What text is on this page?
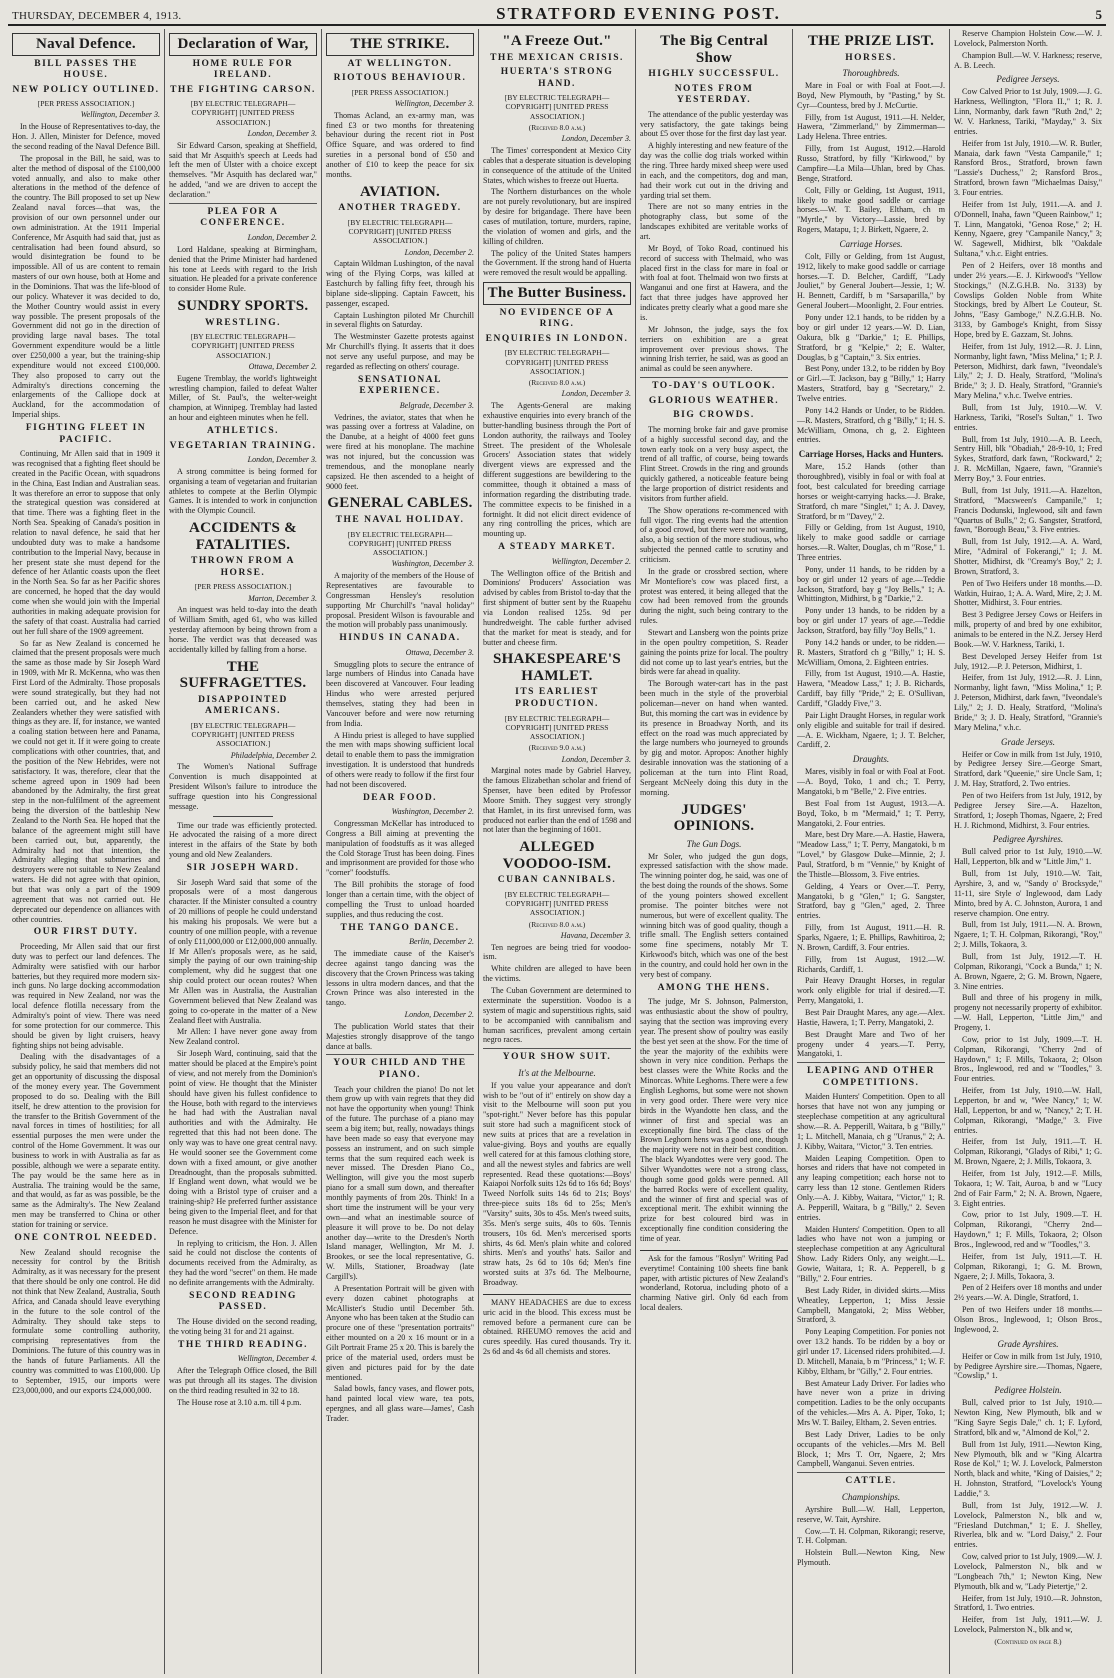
THURSDAY, DECEMBER 4, 1913.	STRATFORD EVENING POST.	5
Naval Defence.
BILL PASSES THE HOUSE.
NEW POLICY OUTLINED.
[PER PRESS ASSOCIATION.]
Wellington, December 3.

In the House of Representatives to-day, the Hon. J. Allen, Minister for Defence, moved the second reading of the Naval Defence Bill.

The proposal in the Bill, he said, was to alter the method of disposal of the £100,000 voted annually, and also to make other alterations in the method of the defence of the country. The Bill proposed to set up New Zealand naval forces—that was, the provision of our own personnel under our own administration. At the 1911 Imperial Conference, Mr Asquith had said that, just as centralisation had been found absurd, so would disintegration be found to be impossible. All of us are content to remain masters of our own house, both at Home and in the Dominions. That was the life-blood of our policy. Whatever it was decided to do, the Mother Country would assist in every way possible. The present proposals of the Government did not go in the direction of providing large naval bases. The total Government expenditure would be a little over £250,000 a year, but the training-ship expenditure would not exceed £100,000. They also proposed to carry out the Admiralty's directions concerning the enlargements of the Calliope dock at Auckland, for the accommodation of Imperial ships.

FIGHTING FLEET IN PACIFIC.

Continuing, Mr Allen said that in 1909 it was recognised that a fighting fleet should be created in the Pacific Ocean, with squadrons in the China, East Indian and Australian seas. It was therefore an error to suppose that only the strategical question was considered at that time. There was a fighting fleet in the North Sea. Speaking of Canada's position in relation to naval defence, he said that her undoubted duty was to make a handsome contribution to the Imperial Navy, because in her present state she must depend for the defence of her Atlantic coasts upon the fleet in the North Sea. So far as her Pacific shores are concerned, he hoped that the day would come when she would join with the Imperial authorities in making adequate provision for the safety of that coast. Australia had carried out her full share of the 1909 agreement.

So far as New Zealand is concerned he claimed that the present proposals were much the same as those made by Sir Joseph Ward in 1909, with Mr R. McKenna, who was then First Lord of the Admiralty. Those proposals were sound strategically, but they had not been carried out, and he asked New Zealanders whether they were satisfied with things as they are. If, for instance, we wanted a coaling station between here and Panama, we could not get it. If it were going to create complications with other countries, that, and the position of the New Hebrides, were not satisfactory. It was, therefore, clear that the scheme agreed upon in 1909 had been abandoned by the Admiralty, the first great step in the non-fulfilment of the agreement being the diversion of the battleship New Zealand to the North Sea. He hoped that the balance of the agreement might still have been carried out, but, apparently, the Admiralty had not that intention, the Admiralty alleging that submarines and destroyers were not suitable to New Zealand waters. He did not agree with that opinion, but that was only a part of the 1909 agreement that was not carried out. He deprecated our dependence on alliances with other countries.

OUR FIRST DUTY.

Proceeding, Mr Allen said that our first duty was to perfect our land defences. The Admiralty were satisfied with our harbor batteries, but they required more modern six-inch guns. No large docking accommodation was required in New Zealand, nor was the local defence flotilla necessary from the Admiralty's point of view. There was need for some protection for our commerce. This should be given by light cruisers, heavy fighting ships not being advisable.

Dealing with the disadvantages of a subsidy policy, he said that members did not get an opportunity of discussing the disposal of the money every year. The Government proposed to do so. Dealing with the Bill itself, he drew attention to the provision for the transfer to the British Government of the naval forces in times of hostilities; for all essential purposes the men were under the control of the Home Government. It was our business to work in with Australia as far as possible, although we were a separate entity. The pay would be the same here as in Australia. The training would be the same, and that would, as far as was possible, be the same as the Admiralty's. The New Zealand men may be transferred to China or other station for training or service.

ONE CONTROL NEEDED.

New Zealand should recognise the necessity for control by the British Admiralty, as it was necessary for the present that there should be only one control. He did not think that New Zealand, Australia, South Africa, and Canada should leave everything in the future to the sole control of the Admiralty. They should take steps to formulate some controlling authority, comprising representatives from the Dominions. The future of this country was in the hands of future Parliaments. All the country was committed to was £100,000. Up to September, 1915, our imports were £23,000,000, and our exports £24,000,000.

Declaration of War,
HOME RULE FOR IRELAND.
THE FIGHTING CARSON.
[BY ELECTRIC TELEGRAPH—COPYRIGHT] [UNITED PRESS ASSOCIATION.]
London, December 3.

Sir Edward Carson, speaking at Sheffield, said that Mr Asquith's speech at Leeds had left the men of Ulster with a choice except themselves. "Mr Asquith has declared war," he added, "and we are driven to accept the declaration."

PLEA FOR A CONFERENCE.
London, December 2.

Lord Haldane, speaking at Birmingham, denied that the Prime Minister had hardened his tone at Leeds with regard to the Irish situation. He pleaded for a private conference to consider Home Rule.

SUNDRY SPORTS.
WRESTLING.
[BY ELECTRIC TELEGRAPH—COPYRIGHT] [UNITED PRESS ASSOCIATION.]
Ottawa, December 2.

Eugene Tremblay, the world's lightweight wrestling champion, failed to defeat Walter Miller, of St. Paul's, the welter-weight champion, at Winnipeg. Tremblay had lasted an hour and eighteen minutes when he fell.

ATHLETICS.
VEGETARIAN TRAINING.
London, December 3.

A strong committee is being formed for organising a team of vegetarian and fruitarian athletes to compete at the Berlin Olympic Games. It is intended to work in conjunction with the Olympic Council.

ACCIDENTS & FATALITIES.
THROWN FROM A HORSE.
[PER PRESS ASSOCIATION.]
Marton, December 3.

An inquest was held to-day into the death of William Smith, aged 61, who was killed yesterday afternoon by being thrown from a horse. The verdict was that deceased was accidentally killed by falling from a horse.

THE SUFFRAGETTES.
DISAPPOINTED AMERICANS.
[BY ELECTRIC TELEGRAPH—COPYRIGHT] [UNITED PRESS ASSOCIATION.]
Philadelphia, December 2.

The Women's National Suffrage Convention is much disappointed at President Wilson's failure to introduce the suffrage question into his Congressional message.

Time our trade was efficiently protected. He advocated the raising of a more direct interest in the affairs of the State by both young and old New Zealanders.

SIR JOSEPH WARD.

Sir Joseph Ward said that some of the proposals were of a most dangerous character. If the Minister consulted a country of 20 millions of people he could understand his making his proposals. We were but a country of one million people, with a revenue of only £11,000,000 or £12,000,000 annually. If Mr Allen's proposals were, as he said, simply the paying of our own training-ship complement, why did he suggest that one ship could protect our ocean routes? When Mr Allen was in Australia, the Australian Government believed that New Zealand was going to co-operate in the matter of a New Zealand fleet with Australia.

Mr Allen: I have never gone away from New Zealand control.

Sir Joseph Ward, continuing, said that the matter should be placed at the Empire's point of view, and not merely from the Dominion's point of view. He thought that the Minister should have given his fullest confidence to the House, both with regard to the interviews he had had with the Australian naval authorities and with the Admiralty. He regretted that this had not been done. The only way was to have one great central navy. He would sooner see the Government come down with a fixed amount, or give another Dreadnought, than the proposals submitted. If England went down, what would we be doing with a Bristol type of cruiser and a training-ship? He preferred further assistance being given to the Imperial fleet, and for that reason he must disagree with the Minister for Defence.

In replying to criticism, the Hon. J. Allen said he could not disclose the contents of documents received from the Admiralty, as they had the word "secret" on them. He made no definite arrangements with the Admiralty.

SECOND READING PASSED.

The House divided on the second reading, the voting being 31 for and 21 against.

THE THIRD READING.
Wellington, December 4.

After the Telegraph Office closed, the Bill was put through all its stages. The division on the third reading resulted in 32 to 18.

The House rose at 3.10 a.m. till 4 p.m.

THE STRIKE.
AT WELLINGTON.
RIOTOUS BEHAVIOUR.
[PER PRESS ASSOCIATION.]
Wellington, December 3.

Thomas Acland, an ex-army man, was fined £3 or two months for threatening behaviour during the recent riot in Post Office Square, and was ordered to find sureties in a personal bond of £50 and another of £10 to keep the peace for six months.

AVIATION.
ANOTHER TRAGEDY.
[BY ELECTRIC TELEGRAPH—COPYRIGHT] [UNITED PRESS ASSOCIATION.]
London, December 2.

Captain Wildman Lushington, of the naval wing of the Flying Corps, was killed at Eastchurch by falling fifty feet, through his biplane side-slipping. Captain Fawcett, his passenger, escaped.

Captain Lushington piloted Mr Churchill in several flights on Saturday.

The Westminster Gazette protests against Mr Churchill's flying. It asserts that it does not serve any useful purpose, and may be regarded as reflecting on others' courage.

SENSATIONAL EXPERIENCE.
Belgrade, December 3.

Vedrines, the aviator, states that when he was passing over a fortress at Valadine, on the Danube, at a height of 4000 feet guns were fired at his monoplane. The machine was not injured, but the concussion was tremendous, and the monoplane nearly capsized. He then ascended to a height of 9000 feet.

GENERAL CABLES.
THE NAVAL HOLIDAY.
[BY ELECTRIC TELEGRAPH—COPYRIGHT] [UNITED PRESS ASSOCIATION.]
Washington, December 3.

A majority of the members of the House of Representatives are favourable to Congressman Hensley's resolution supporting Mr Churchill's "naval holiday" proposal. President Wilson is favourable and the motion will probably pass unanimously.

HINDUS IN CANADA.
Ottawa, December 3.

Smuggling plots to secure the entrance of large numbers of Hindus into Canada have been discovered at Vancouver. Four leading Hindus who were arrested perjured themselves, stating they had been in Vancouver before and were now returning from India.

A Hindu priest is alleged to have supplied the men with maps showing sufficient local detail to enable them to pass the immigration investigation. It is understood that hundreds of others were ready to follow if the first four had not been discovered.

DEAR FOOD.
Washington, December 2.

Congressman McKellar has introduced to Congress a Bill aiming at preventing the manipulation of foodstuffs as it was alleged the Cold Storage Trust has been doing. Fines and imprisonment are provided for those who "corner" foodstuffs.

The Bill prohibits the storage of food longer than a certain time, with the object of compelling the Trust to unload hoarded supplies, and thus reducing the cost.

THE TANGO DANCE.
Berlin, December 2.

The immediate cause of the Kaiser's decree against tango dancing was the discovery that the Crown Princess was taking lessons in ultra modern dances, and that the Crown Prince was also interested in the tango.

London, December 2.

The publication World states that their Majesties strongly disapprove of the tango dance at balls.

YOUR CHILD AND THE PIANO.

Teach your children the piano! Do not let them grow up with vain regrets that they did not have the opportunity when young! Think of the future. The purchase of a piano may seem a big item; but, really, nowadays things have been made so easy that everyone may possess an instrument, and on such simple terms that the sum required each week is never missed. The Dresden Piano Co., Wellington, will give you the most superb piano for a small sum down, and thereafter monthly payments of from 20s. Think! In a short time the instrument will be your very own—and what an inestimable source of pleasure it will prove to be. Do not delay another day—write to the Dresden's North Island manager, Wellington, Mr M. J. Brookes, or see the local representative, G. W. Mills, Stationer, Broadway (late Cargill's).

A Presentation Portrait will be given with every dozen cabinet photographs at McAllister's Studio until December 5th. Anyone who has been taken at the Studio can procure one of these "presentation portraits" either mounted on a 20 x 16 mount or in a Gilt Portrait Frame 25 x 20. This is barely the price of the material used, orders must be given and pictures paid for by the date mentioned.

Salad bowls, fancy vases, and flower pots, hand painted local view ware, tea pots, epergnes, and all glass ware—James', Cash Trader.

"A Freeze Out."
THE MEXICAN CRISIS.
HUERTA'S STRONG HAND.
[BY ELECTRIC TELEGRAPH—COPYRIGHT] [UNITED PRESS ASSOCIATION.]
(Received 8.0 a.m.)
London, December 3.

The Times' correspondent at Mexico City cables that a desperate situation is developing in consequence of the attitude of the United States, which wishes to freeze out Huerta.

The Northern disturbances on the whole are not purely revolutionary, but are inspired by desire for brigandage. There have been cases of mutilation, torture, murders, rapine, the violation of women and girls, and the killing of children.

The policy of the United States hampers the Government. If the strong hand of Huerta were removed the result would be appalling.

The Butter Business.
NO EVIDENCE OF A RING.
ENQUIRIES IN LONDON.
[BY ELECTRIC TELEGRAPH—COPYRIGHT] [UNITED PRESS ASSOCIATION.]
(Received 8.0 a.m.)
London, December 3.

The Agents-General are making exhaustive enquiries into every branch of the butter-handling business through the Port of London authority, the railways and Tooley Street. The president of the Wholesale Grocers' Association states that widely divergent views are expressed and the different suggestions are bewildering to the committee, though it obtained a mass of information regarding the distributing trade. The committee expects to be finished in a fortnight. It did not elicit direct evidence of any ring controlling the prices, which are mounting up.

A STEADY MARKET.
Wellington, December 2.

The Wellington office of the British and Dominions' Producers' Association was advised by cables from Bristol to-day that the first shipment of butter sent by the Ruapehu via London realised 125s. 9d per hundredweight. The cable further advised that the market for meat is steady, and for butter and cheese firm.

SHAKESPEARE'S HAMLET.
ITS EARLIEST PRODUCTION.
[BY ELECTRIC TELEGRAPH—COPYRIGHT] [UNITED PRESS ASSOCIATION.]
(Received 9.0 a.m.)
London, December 3.

Marginal notes made by Gabriel Harvey, the famous Elizabethan scholar and friend of Spenser, have been edited by Professor Moore Smith. They suggest very strongly that Hamlet, in its first unrevised form, was produced not earlier than the end of 1598 and not later than the beginning of 1601.

ALLEGED VOODOO-ISM.
CUBAN CANNIBALS.
[BY ELECTRIC TELEGRAPH—COPYRIGHT] [UNITED PRESS ASSOCIATION.]
(Received 8.0 a.m.)
Havana, December 3.

Ten negroes are being tried for voodoo-ism.

White children are alleged to have been the victims.

The Cuban Government are determined to exterminate the superstition. Voodoo is a system of magic and superstitious rights, said to be accompanied with cannibalism and human sacrifices, prevalent among certain negro races.

YOUR SHOW SUIT.
It's at the Melbourne.

If you value your appearance and don't wish to be "out of it" entirely on show day a visit to the Melbourne will soon put you "spot-right." Never before has this popular suit store had such a magnificent stock of new suits at prices that are a revelation in value-giving. Boys and youths are equally well catered for at this famous clothing store, and all the newest styles and fabrics are well represented. Read these quotations:—Boys' Kaiapoi Norfolk suits 12s 6d to 16s 6d; Boys' Tweed Norfolk suits 14s 6d to 21s; Boys' three-piece suits 18s 6d to 25s; Men's "Varsity" suits, 30s to 45s. Men's tweed suits, 35s. Men's serge suits, 40s to 60s. Tennis trousers, 10s 6d. Men's mercerised sports shirts, 4s 6d. Men's plain white and colored shirts. Men's and youths' hats. Sailor and straw hats, 2s 6d to 10s 6d; Men's fine worsted suits at 37s 6d. The Melbourne, Broadway.

MANY HEADACHES are due to excess uric acid in the blood. This excess must be removed before a permanent cure can be obtained. RHEUMO removes the acid and cures speedily. Has cured thousands. Try it. 2s 6d and 4s 6d all chemists and stores.

The Big Central Show
HIGHLY SUCCESSFUL.
NOTES FROM YESTERDAY.

The attendance of the public yesterday was very satisfactory, the gate takings being about £5 over those for the first day last year.

A highly interesting and new feature of the day was the collie dog trials worked within the ring. Three hardy mixed sheep were used in each, and the competitors, dog and man, had their work cut out in the driving and yarding trial set them.

There are not so many entries in the photography class, but some of the landscapes exhibited are veritable works of art.

Mr Boyd, of Toko Road, continued his record of success with Thelmaid, who was placed first in the class for mare in foal or with foal at foot. Thelmaid won two firsts at Wanganui and one first at Hawera, and the fact that three judges have approved her indicates pretty clearly what a good mare she is.

Mr Johnson, the judge, says the fox terriers on exhibition are a great improvement over previous shows. The winning Irish terrier, he said, was as good an animal as could be seen anywhere.

TO-DAY'S OUTLOOK.
GLORIOUS WEATHER.
BIG CROWDS.

The morning broke fair and gave promise of a highly successful second day, and the town early took on a very busy aspect, the trend of all traffic, of course, being towards Flint Street. Crowds in the ring and grounds quickly gathered, a noticeable feature being the large proportion of district residents and visitors from further afield.

The Show operations re-commenced with full vigor. The ring events had the attention of a good crowd, but there were not wanting, also, a big section of the more studious, who subjected the penned cattle to scrutiny and criticism.

In the grade or crossbred section, where Mr Montefiore's cow was placed first, a protest was entered, it being alleged that the cow had been removed from the grounds during the night, such being contrary to the rules.

Stewart and Lansberg won the points prize in the open poultry competition, S. Reader gaining the points prize for local. The poultry did not come up to last year's entries, but the birds were far ahead in quality.

The Borough water-cart has in the past been much in the style of the proverbial policeman—never on hand when wanted. But, this morning the cart was in evidence by its presence in Broadway North, and its effect on the road was much appreciated by the large numbers who journeyed to grounds by gig and motor. Apropos: Another highly desirable innovation was the stationing of a policeman at the turn into Flint Road, Sergeant McNeely doing this duty in the morning.

JUDGES' OPINIONS.
The Gun Dogs.

Mr Soler, who judged the gun dogs, expressed satisfaction with the show made. The winning pointer dog, he said, was one of the best doing the rounds of the shows. Some of the young pointers showed excellent promise. The pointer bitches were not numerous, but were of excellent quality. The winning bitch was of good quality, though a trifle small. The English setters contained some fine specimens, notably Mr T. Kirkwood's bitch, which was one of the best in the country, and could hold her own in the very best of company.

AMONG THE HENS.

The judge, Mr S. Johnson, Palmerston, was enthusiastic about the show of poultry, saying that the section was improving every year. The present show of poultry was easily the best yet seen at the show. For the time of the year the majority of the exhibits were shown in very nice condition. Perhaps the best classes were the White Rocks and the Minorcas. White Leghorns. There were a few English Leghorns, but some were not shown in very good order. There were very nice birds in the Wyandotte hen class, and the winner of first and special was an exceptionally fine bird. The class of the Brown Leghorn hens was a good one, though the majority were not in their best condition. The black Wyandottes were very good. The Silver Wyandottes were not a strong class, though some good golds were penned. All the barred Rocks were of excellent quality, and the winner of first and special was of exceptional merit. The exhibit winning the prize for best coloured bird was in exceptionally fine condition considering the time of year.

Ask for the famous "Roslyn" Writing Pad everytime! Containing 100 sheets fine bank paper, with artistic pictures of New Zealand's wonderland, Rotorua, including photo of a charming Native girl. Only 6d each from local dealers.

THE PRIZE LIST.
HORSES.
Thoroughbreds.

Mare in Foal or with Foal at Foot.—J. Boyd, New Plymouth, by "Pasting," by St. Cyr—Countess, bred by J. McCurtie.

Filly, from 1st August, 1911.—H. Nelder, Hawera, "Zimmerland," by Zimmerman—Lady Helena. Three entries.

Filly, from 1st August, 1912.—Harold Russo, Stratford, by filly "Kirkwood," by Campfire—La Mila—Uhlan, bred by Chas. Benge, Stratford.

Colt, Filly or Gelding, 1st August, 1911, likely to make good saddle or carriage horses.—W. T. Bailey, Eltham, ch m "Myrtle," by Victory—Lassie, bred by Rogers, Matapu, 1; J. Birkett, Ngaere, 2.

Carriage Horses.

Colt, Filly or Gelding, from 1st August, 1912, likely to make good saddle or carriage horses.—T. D. Belcher, Cardiff, "Lady Jouliet," by General Joubert—Jessie, 1; W. H. Bennett, Cardiff, b m "Sarsaparilla," by General Joubert—Moonlight, 2. Four entries.

Pony under 12.1 hands, to be ridden by a boy or girl under 12 years.—W. D. Lian, Oakura, blk g "Darkie," 1; E. Phillips, Stratford, br g "Kelpie," 2; E. Walter, Douglas, b g "Captain," 3. Six entries.

Best Pony, under 13.2, to be ridden by Boy or Girl.—T. Jackson, bay g "Billy," 1; Harry Masters, Stratford, bay g "Secretary," 2. Twelve entries.

Pony 14.2 Hands or Under, to be Ridden.—R. Masters, Stratford, ch g "Billy," 1; H. S. McWilliam, Omona, ch g, 2. Eighteen entries.

Carriage Horses, Hacks and Hunters.

Mare, 15.2 Hands (other than thoroughbred), visibly in foal or with foal at foot, best calculated for breeding carriage horses or weight-carrying hacks.—J. Brake, Stratford, ch mare "Singlet," 1; A. J. Davey, Stratford, br m "Davey," 2.

Filly or Gelding, from 1st August, 1910, likely to make good saddle or carriage horses.—R. Walter, Douglas, ch m "Rose," 1. Three entries.

Pony, under 11 hands, to be ridden by a boy or girl under 12 years of age.—Teddie Jackson, Stratford, bay g "Joy Bells," 1; A. Whittington, Midhirst, b g "Darkie," 2.

Pony under 13 hands, to be ridden by a boy or girl under 17 years of age.—Teddie Jackson, Stratford, bay filly "Joy Bells," 1.

Pony 14.2 hands or under, to be ridden.—R. Masters, Stratford ch g "Billy," 1; H. S. McWilliam, Omona, 2. Eighteen entries.

Filly, from 1st August, 1910.—A. Hastie, Hawera, "Meadow Lass," 1; J. B. Richards, Cardiff, bay filly "Pride," 2; E. O'Sullivan, Cardiff, "Gladdy Five," 3.

Pair Light Draught Horses, in regular work only eligible and suitable for trail if desired.—A. E. Wickham, Ngaere, 1; J. T. Belcher, Cardiff, 2.

Draughts.

Mares, visibly in foal or with Foal at Foot.—A. Boyd, Toko, 1 and ch.; T. Perry, Mangatoki, b m "Belle," 2. Five entries.

Best Foal from 1st August, 1913.—A. Boyd, Toko, b m "Mermaid," 1; T. Perry, Mangatoki, 2. Four entries.

Mare, best Dry Mare.—A. Hastie, Hawera, "Meadow Lass," 1; T. Perry, Mangatoki, b m "Lovel," by Glasgow Duke—Minnie, 2; J. Paul, Stratford, b m "Vennie," by Knight of the Thistle—Blossom, 3. Five entries.

Gelding, 4 Years or Over.—T. Perry, Mangatoki, b g "Glen," 1; G. Sangster, Stratford, bay g "Glen," aged, 2. Three entries.

Filly, from 1st August, 1911.—H. R. Sparks, Ngaere, 1; E. Phillips, Rawhitiroa, 2; N. Brown, Cardiff, 3. Four entries.

Filly, from 1st August, 1912.—W. Richards, Cardiff, 1.

Pair Heavy Draught Horses, in regular work only eligible for trial if desired.—T. Perry, Mangatoki, 1.

Best Pair Draught Mares, any age.—Alex. Hastie, Hawera, 1; T. Perry, Mangatoki, 2.

Best Draught Mare and Two of her progeny under 4 years.—T. Perry, Mangatoki, 1.

LEAPING AND OTHER COMPETITIONS.

Maiden Hunters' Competition. Open to all horses that have not won any jumping or steeplechase competition at any agricultural show.—R. A. Pepperill, Waitara, b g "Billy," 1; L. Mitchell, Manaia, ch g "Uranus," 2; A. J. Kibby, Waitara, "Victor," 3. Ten entries.

Maiden Leaping Competition. Open to horses and riders that have not competed in any leaping competition; each horse not to carry less than 12 stone. Gentlemen Riders Only.—A. J. Kibby, Waitara, "Victor," 1; R. A. Pepperill, Waitara, b g "Billy," 2. Seven entries.

Maiden Hunters' Competition. Open to all ladies who have not won a jumping or steeplechase competition at any Agricultural Show. Lady Riders Only, any weight.—L. Gowie, Waitara, 1; R. A. Pepperell, b g "Billy," 2. Four entries.

Best Lady Rider, in divided skirts.—Miss Wheatley, Lepperton, 1; Miss Jessie Campbell, Mangatoki, 2; Miss Webber, Stratford, 3.

Pony Leaping Competition. For ponies not over 13.2 hands. To be ridden by a boy or girl under 17. Licensed riders prohibited.—J. D. Mitchell, Manaia, b m "Princess," 1; W. F. Kibby, Eltham, br "Gilly," 2. Four entries.

Best Amateur Lady Driver. For ladies who have never won a prize in driving competition. Ladies to be the only occupants of the vehicles.—Mrs A. A. Piper, Toko, 1; Mrs W. T. Bailey, Eltham, 2. Seven entries.

Best Lady Driver, Ladies to be only occupants of the vehicles.—Mrs M. Bell Block, 1; Mrs T. Orr, Ngaere, 2; Mrs Campbell, Wanganui. Seven entries.

CATTLE.
Championships.

Ayrshire Bull.—W. Hall, Lepperton, reserve, W. Tait, Ayrshire.

Cow.—T. H. Colpman, Rikorangi; reserve, T. H. Colpman.

Holstein Bull.—Newton King, New Plymouth.

Reserve Champion Holstein Cow.—W. J. Lovelock, Palmerston North.

Champion Bull.—W. V. Harkness; reserve, A. B. Leech.

Pedigree Jerseys.

Cow Calved Prior to 1st July, 1909.—J. G. Harkness, Wellington, "Flora II.," 1; R. J. Linn, Normanby, dark fawn "Ruth 2nd," 2; W. V. Harkness, Tariki, "Mayday," 3. Six entries.

Heifer from 1st July, 1910.—W. R. Butler, Manaia, dark fawn "Vesta Campanile," 1; Ransford Bros., Stratford, brown fawn "Lassie's Duchess," 2; Ransford Bros., Stratford, brown fawn "Michaelmas Daisy," 3. Four entries.

Heifer from 1st July, 1911.—A. and J. O'Donnell, Inaha, fawn "Queen Rainbow," 1; T. Linn, Mangatoki, "Genoa Rose," 2; H. Kenny, Ngaere, grey "Campanile Nancy," 3; W. Sagewell, Midhirst, blk "Oakdale Sultana," v.h.c. Eight entries.

Pen of 2 Heifers, over 18 months and under 2½ years.—E. J. Kirkwood's "Yellow Stockings," (N.Z.G.H.B. No. 3133) by Cowslips Golden Noble from White Stockings, bred by Albert Le Couteur, St. Johns, "Easy Gamboge," N.Z.G.H.B. No. 3133, by Gamboge's Knight, from Sissy Hope, bred by E. Gazzam, St. Johns.

Heifer, from 1st July, 1912.—R. J. Linn, Normanby, light fawn, "Miss Melina," 1; P. J. Peterson, Midhirst, dark fawn, "Iveondale's Lily," 2; J. D. Healy, Stratford, "Molina's Bride," 3; J. D. Healy, Stratford, "Grannie's Mary Melina," v.h.c. Twelve entries.

Bull, from 1st July, 1910.—W. V. Harkness, Tariki, "Rosel's Sultan," 1. Two entries.

Bull, from 1st July, 1910.—A. B. Leech, Sentry Hill, blk "Obadiah," 28-9-10, 1; Fred Sykes, Stratford, dark fawn, "Rockward," 2; J. R. McMillan, Ngaere, fawn, "Grannie's Merry Boy," 3. Four entries.

Bull, from 1st July, 1911.—A. Hazelton, Stratford, "Macsween's Campanile," 1; Francis Dodunski, Inglewood, silt and fawn "Quartus of Bulls," 2; G. Sangster, Stratford, fawn, "Borough Beau," 3. Five entries.

Bull, from 1st July, 1912.—A. A. Ward, Mire, "Admiral of Fokerangi," 1; J. M. Shotter, Midhirst, dk "Creamy's Boy," 2; J. Brown, Stratford, 3.

Pen of Two Heifers under 18 months.—D. Watkin, Huirao, 1; A. A. Ward, Mire, 2; J. M. Shotter, Midhirst, 3. Four entries.

Best 3 Pedigree Jersey Cows or Heifers in milk, property of and bred by one exhibitor, animals to be entered in the N.Z. Jersey Herd Book.—W. V. Harkness, Tariki, 1.

Best Developed Jersey Heifer from 1st July, 1912.—P. J. Peterson, Midhirst, 1.

Heifer, from 1st July, 1912.—R. J. Linn, Normanby, light fawn, "Miss Molina," 1; P. J. Peterson, Midhirst, dark fawn, "Iveondale's Lily," 2; J. D. Healy, Stratford, "Molina's Bride," 3; J. D. Healy, Stratford, "Grannie's Mary Melina," v.h.c.

Grade Jerseys.

Heifer or Cow in milk from 1st July, 1910, by Pedigree Jersey Sire.—George Smart, Stratford, dark "Queenie," sire Uncle Sam, 1; J. M. Hay, Stratford, 2. Two entries.

Pen of two Heifers from 1st July, 1912, by Pedigree Jersey Sire.—A. Hazelton, Stratford, 1; Joseph Thomas, Ngaere, 2; Fred H. J. Richmond, Midhirst, 3. Four entries.

Pedigree Ayrshires.

Bull calved prior to 1st July, 1910.—W. Hall, Lepperton, blk and w "Little Jim," 1.

Bull, from 1st July, 1910.—W. Tait, Ayrshire, 3, and w, "Sandy o' Brocksyde," 11-11, sire Style o' Inglewood, dam Lady Minto, bred by A. C. Johnston, Aurora, 1 and reserve champion. One entry.

Bull, from 1st July, 1911.—N. A. Brown, Ngaere, 1; T. H. Colpman, Rikorangi, "Roy," 2; J. Mills, Tokaora, 3.

Bull, from 1st July, 1912.—T. H. Colpman, Rikorangi, "Cock a Bunda," 1; N. A. Brown, Ngaere, 2; G. M. Brown, Ngaere, 3. Nine entries.

Bull and three of his progeny in milk, progeny not necessarily property of exhibitor.—W. Hall, Lepperton, "Little Jim," and Progeny, 1.

Cow, prior to 1st July, 1909.—T. H. Colpman, Rikorangi, "Cherry 2nd of Haydown," 1; F. Mills, Tokaora, 2; Olson Bros., Inglewood, red and w "Toodles," 3. Four entries.

Heifer, from 1st July, 1910.—W. Hall, Lepperton, br and w, "Wee Nancy," 1; W. Hall, Lepperton, br and w, "Nancy," 2; T. H. Colpman, Rikorangi, "Madge," 3. Five entries.

Heifer, from 1st July, 1911.—T. H. Colpman, Rikorangi, "Gladys of Ribi," 1; G. M. Brown, Ngaere, 2; J. Mills, Tokaora, 3.

Heifer, from 1st July, 1912.—F. Mills, Tokaora, 1; W. Tait, Auroa, b and w "Lucy 2nd of Fair Farm," 2; N. A. Brown, Ngaere, 3. Eight entries.

Cow, prior to 1st July, 1909.—T. H. Colpman, Rikorangi, "Cherry 2nd—Haydown," 1; F. Mills, Tokaora, 2; Olson Bros., Inglewood, red and w "Toodles," 3.

Heifer, from 1st July, 1911.—T. H. Colpman, Rikorangi, 1; G. M. Brown, Ngaere, 2; J. Mills, Tokaora, 3.

Pen of 2 Heifers over 18 months and under 2½ years.—W. A. Dingle, Stratford, 1.

Pen of two Heifers under 18 months.—Olson Bros., Inglewood, 1; Olson Bros., Inglewood, 2.

Grade Ayrshires.

Heifer or Cow in milk from 1st July, 1910, by Pedigree Ayrshire sire.—Thomas, Ngaere, "Cowslip," 1.

Pedigree Holstein.

Bull, calved prior to 1st July, 1910.—Newton King, New Plymouth, blk and w "King Sayre Segis Dale," ch. 1; F. Lyford, Stratford, blk and w, "Almond de Kol," 2.

Bull from 1st July, 1911.—Newton King, New Plymouth, blk and w "King Alcartra Rose de Kol," 1; W. J. Lovelock, Palmerston North, black and white, "King of Daisies," 2; H. Johnston, Stratford, "Lovelock's Young Laddie," 3.

Bull, from 1st July, 1912.—W. J. Lovelock, Palmerston N., blk and w, "Friesland Dutchman," 1; E. J. Shelley, Riverlea, blk and w. "Lord Daisy," 2. Four entries.

Cow, calved prior to 1st July, 1909.—W. J. Lovelock, Palmerston N., blk and w "Longbeach 7th," 1; Newton King, New Plymouth, blk and w, "Lady Pietertje," 2.

Heifer, from 1st July, 1910.—R. Johnston, Stratford, 1. Two entries.

Heifer, from 1st July, 1911.—W. J. Lovelock, Palmerston N., blk and w,

(Continued on page 8.)
